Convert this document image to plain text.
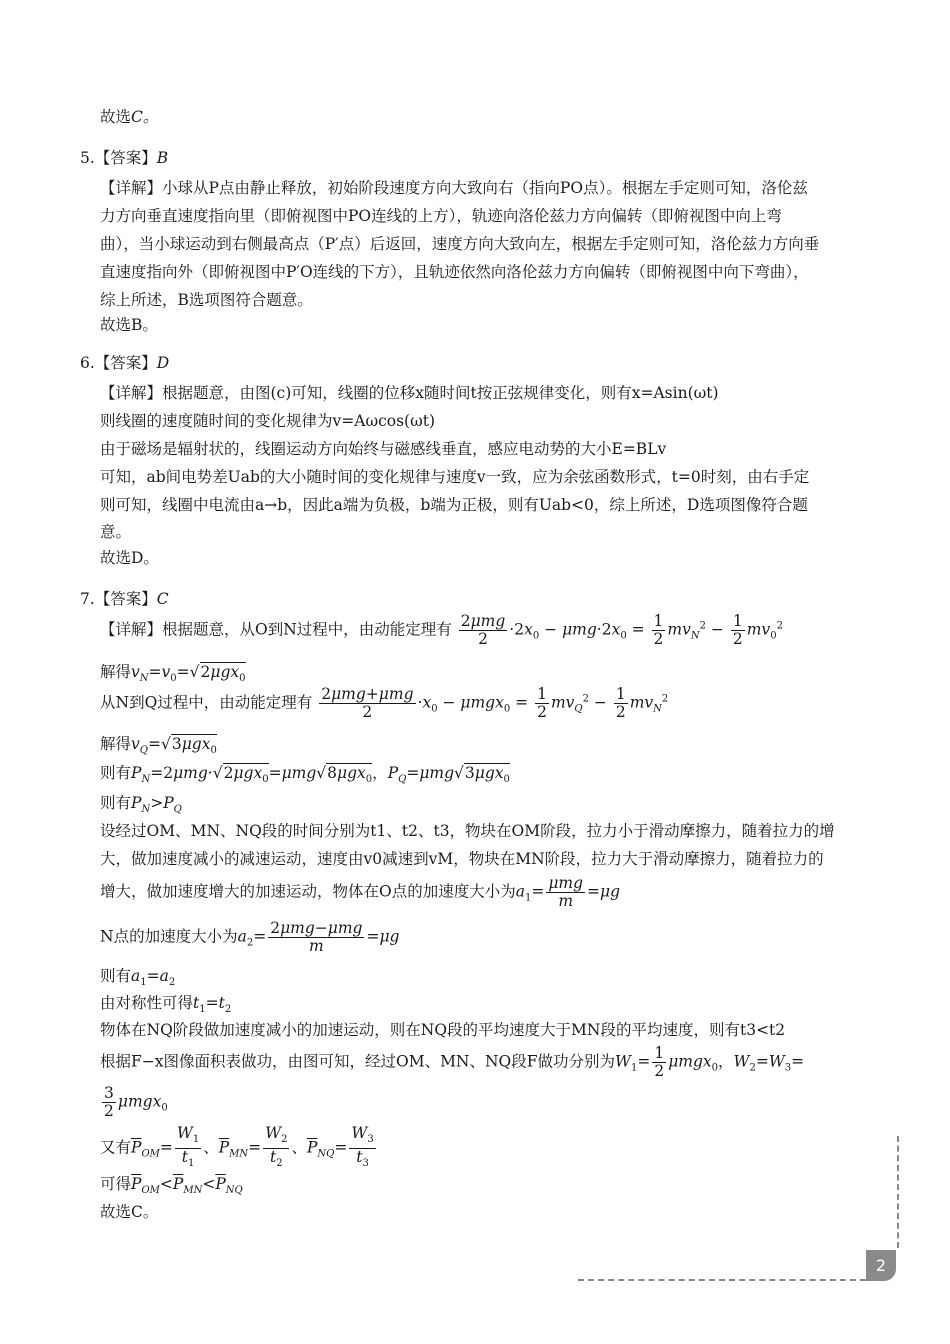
故选C。
5.【答案】B
【详解】小球从P点由静止释放，初始阶段速度方向大致向右（指向PO点）。根据左手定则可知，洛伦兹
力方向垂直速度指向里（即俯视图中PO连线的上方），轨迹向洛伦兹力方向偏转（即俯视图中向上弯
曲），当小球运动到右侧最高点（P′点）后返回，速度方向大致向左，根据左手定则可知，洛伦兹力方向垂
直速度指向外（即俯视图中P′O连线的下方），且轨迹依然向洛伦兹力方向偏转（即俯视图中向下弯曲），
综上所述，B选项图符合题意。
故选B。
6.【答案】D
【详解】根据题意，由图(c)可知，线圈的位移x随时间t按正弦规律变化，则有x=Asin(ωt)
则线圈的速度随时间的变化规律为v=Aωcos(ωt)
由于磁场是辐射状的，线圈运动方向始终与磁感线垂直，感应电动势的大小E=BLv
可知，ab间电势差Uab的大小随时间的变化规律与速度v一致，应为余弦函数形式，t=0时刻，由右手定
则可知，线圈中电流由a→b，因此a端为负极，b端为正极，则有Uab<0，综上所述，D选项图像符合题
意。
故选D。
7.【答案】C
【详解】根据题意，从O到N过程中，由动能定理有 $\frac{\text{2μmg}}{2} \cdot 2x_0 - \mu mg\cdot 2x_0 = \frac{1}{2} mv_N^2 - \frac{1}{2} mv_0^2$
解得$v_N=v_0=√2\mu gx_0$
从N到Q过程中，由动能定理有 $\frac{\text{2μmg+μmg}}{2} \cdot x_0 - \mu mgx_0 = \frac{1}{2} mv_Q^2 - \frac{1}{2} mv_N^2$
解得$v_Q=√3\mu gx_0$
则有$P_N=2\mu mg\cdot√2\mu gx_0=\mu mg√8\mu gx_0$，$P_Q=\mu mg√3\mu gx_0$
则有$P_N>P_Q$
设经过OM、MN、NQ段的时间分别为t1、t2、t3，物块在OM阶段，拉力小于滑动摩擦力，随着拉力的增
大，做加速度减小的减速运动，速度由v0减速到vM，物块在MN阶段，拉力大于滑动摩擦力，随着拉力的
增大，做加速度增大的加速运动，物体在O点的加速度大小为$a_1= \frac{\text{μmg}}{m} =\mu g$
N点的加速度大小为$a_2= \frac{\text{2μmg−μmg}}{m} =\mu g$
则有$a_1=a_2$
由对称性可得$t_1=t_2$
物体在NQ阶段做加速度减小的加速运动，则在NQ段的平均速度大于MN段的平均速度，则有t3<t2
根据F−x图像面积表做功，由图可知，经过OM、MN、NQ段F做功分别为$W_1= \frac{1}{2} \mu mgx_0$，$W_2=W_3=$
$\frac{3}{2} \mu mgx_0$
又有$\overline{P}_{OM}= \frac{W_1}{t_1}$ 、$\overline{P}_{MN}= \frac{W_2}{t_2}$ 、$\overline{P}_{NQ}= \frac{W_3}{t_3}$
可得$\overline{P}_{OM}<\overline{P}_{MN}<\overline{P}_{NQ}$
故选C。
2
